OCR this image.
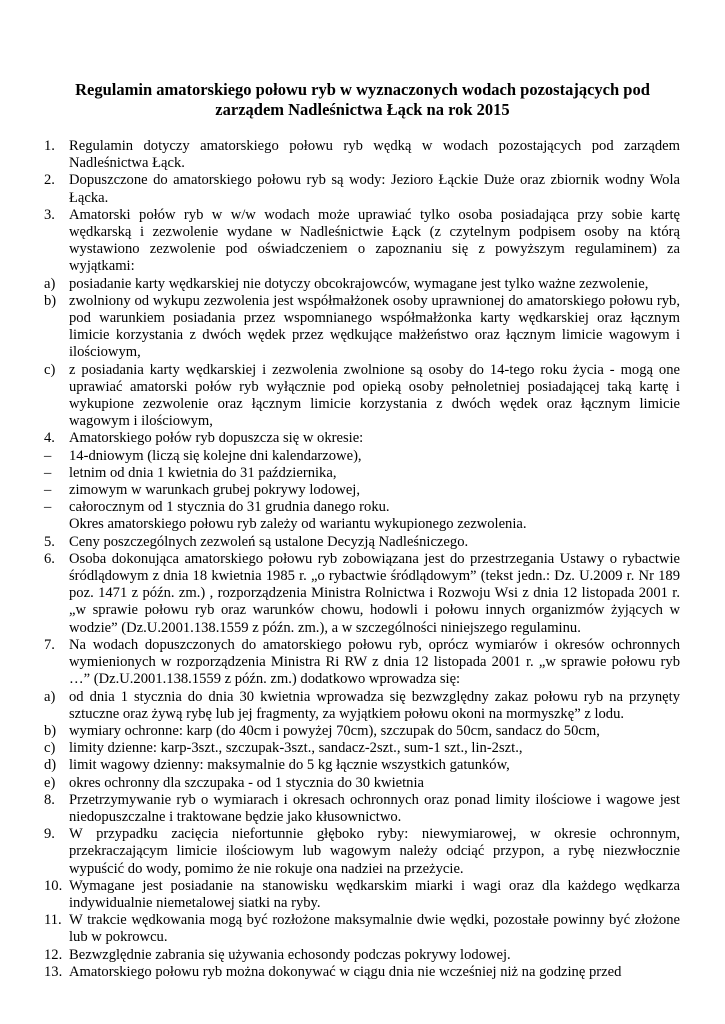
Regulamin amatorskiego połowu ryb w wyznaczonych wodach pozostających pod
zarządem Nadleśnictwa Łąck na rok 2015
1. Regulamin dotyczy amatorskiego połowu ryb wędką w wodach pozostających pod zarządem Nadleśnictwa Łąck.
2. Dopuszczone do amatorskiego połowu ryb są wody: Jezioro Łąckie Duże oraz zbiornik wodny Wola Łącka.
3. Amatorski połów ryb w w/w wodach może uprawiać tylko osoba posiadająca przy sobie kartę wędkarską i zezwolenie wydane w Nadleśnictwie Łąck (z czytelnym podpisem osoby na którą wystawiono zezwolenie pod oświadczeniem o zapoznaniu się z powyższym regulaminem) za wyjątkami:
a) posiadanie karty wędkarskiej nie dotyczy obcokrajowców, wymagane jest tylko ważne zezwolenie,
b) zwolniony od wykupu zezwolenia jest współmałżonek osoby uprawnionej do amatorskiego połowu ryb, pod warunkiem posiadania przez wspomnianego współmałżonka karty wędkarskiej oraz łącznym limicie korzystania z dwóch wędek przez wędkujące małżeństwo oraz łącznym limicie wagowym i ilościowym,
c) z posiadania karty wędkarskiej i zezwolenia zwolnione są osoby do 14-tego roku życia - mogą one uprawiać amatorski połów ryb wyłącznie pod opieką osoby pełnoletniej posiadającej taką kartę i wykupione zezwolenie oraz łącznym limicie korzystania z dwóch wędek oraz łącznym limicie wagowym i ilościowym,
4. Amatorskiego połów ryb dopuszcza się w okresie:
– 14-dniowym (liczą się kolejne dni kalendarzowe),
– letnim od dnia 1 kwietnia do 31 października,
– zimowym w warunkach grubej pokrywy lodowej,
– całorocznym od 1 stycznia do 31 grudnia danego roku.
Okres amatorskiego połowu ryb zależy od wariantu wykupionego zezwolenia.
5. Ceny poszczególnych zezwoleń są ustalone Decyzją Nadleśniczego.
6. Osoba dokonująca amatorskiego połowu ryb zobowiązana jest do przestrzegania Ustawy o rybactwie śródlądowym z dnia 18 kwietnia 1985 r. „o rybactwie śródlądowym” (tekst jedn.: Dz. U.2009 r. Nr 189 poz. 1471 z późn. zm.) , rozporządzenia Ministra Rolnictwa i Rozwoju Wsi z dnia 12 listopada 2001 r. „w sprawie połowu ryb oraz warunków chowu, hodowli i połowu innych organizmów żyjących w wodzie” (Dz.U.2001.138.1559 z późn. zm.), a w szczególności niniejszego regulaminu.
7. Na wodach dopuszczonych do amatorskiego połowu ryb, oprócz wymiarów i okresów ochronnych wymienionych w rozporządzenia Ministra Ri RW z dnia 12 listopada 2001 r. „w sprawie połowu ryb …” (Dz.U.2001.138.1559 z późn. zm.) dodatkowo wprowadza się:
a) od dnia 1 stycznia do dnia 30 kwietnia wprowadza się bezwzględny zakaz połowu ryb na przynęty sztuczne oraz żywą rybę lub jej fragmenty, za wyjątkiem połowu okoni na mormyszkę” z lodu.
b) wymiary ochronne: karp (do 40cm i powyżej 70cm), szczupak do 50cm, sandacz do 50cm,
c) limity dzienne: karp-3szt., szczupak-3szt., sandacz-2szt., sum-1 szt., lin-2szt.,
d) limit wagowy dzienny: maksymalnie do 5 kg łącznie wszystkich gatunków,
e) okres ochronny dla szczupaka - od 1 stycznia do 30 kwietnia
8. Przetrzymywanie ryb o wymiarach i okresach ochronnych oraz ponad limity ilościowe i wagowe jest niedopuszczalne i traktowane będzie jako kłusownictwo.
9. W przypadku zacięcia niefortunnie głęboko ryby: niewymiarowej, w okresie ochronnym, przekraczającym limicie ilościowym lub wagowym należy odciąć przypon, a rybę niezwłocznie wypuścić do wody, pomimo że nie rokuje ona nadziei na przeżycie.
10. Wymagane jest posiadanie na stanowisku wędkarskim miarki i wagi oraz dla każdego wędkarza indywidualnie niemetalowej siatki na ryby.
11. W trakcie wędkowania mogą być rozłożone maksymalnie dwie wędki, pozostałe powinny być złożone lub w pokrowcu.
12. Bezwzględnie zabrania się używania echosondy podczas pokrywy lodowej.
13. Amatorskiego połowu ryb można dokonywać w ciągu dnia nie wcześniej niż na godzinę przed
